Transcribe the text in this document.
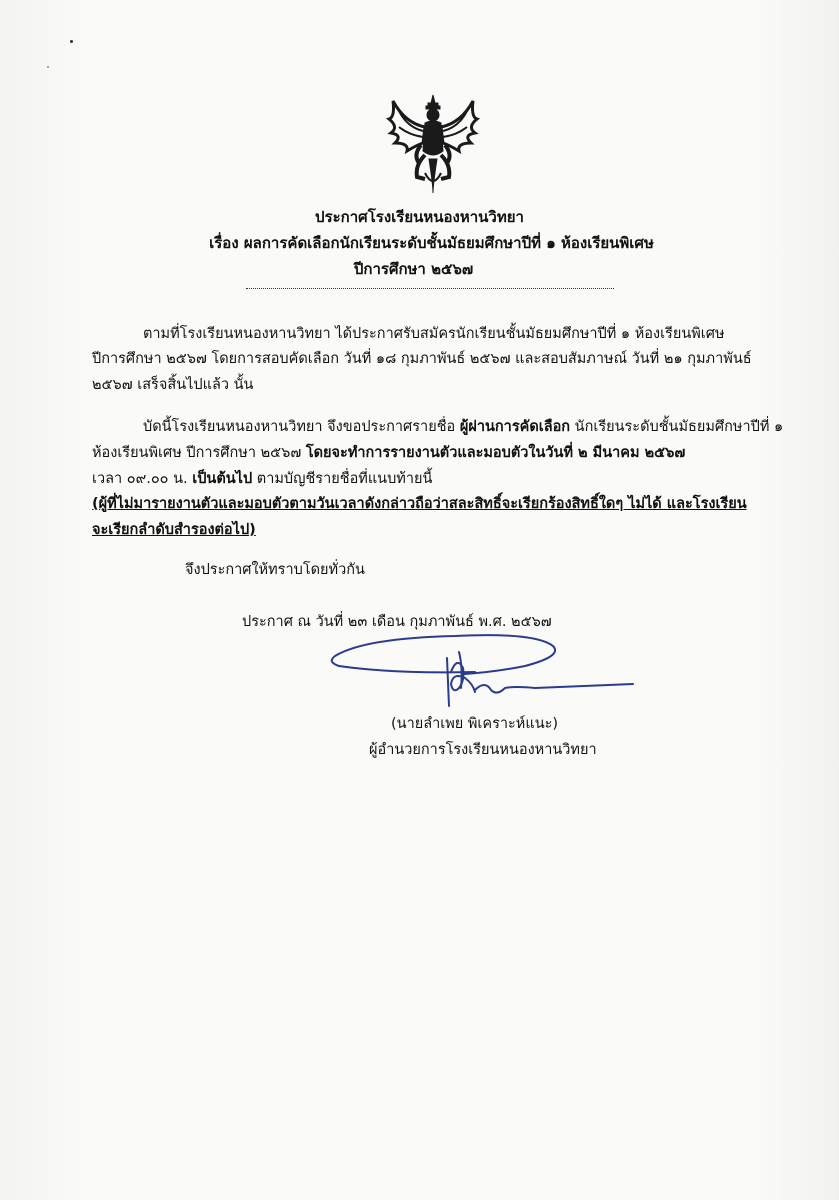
ประกาศโรงเรียนหนองหานวิทยา
เรื่อง ผลการคัดเลือกนักเรียนระดับชั้นมัธยมศึกษาปีที่ ๑ ห้องเรียนพิเศษ
ปีการศึกษา ๒๕๖๗
ตามที่โรงเรียนหนองหานวิทยา ได้ประกาศรับสมัครนักเรียนชั้นมัธยมศึกษาปีที่ ๑ ห้องเรียนพิเศษ
ปีการศึกษา ๒๕๖๗ โดยการสอบคัดเลือก วันที่ ๑๘ กุมภาพันธ์ ๒๕๖๗ และสอบสัมภาษณ์ วันที่ ๒๑ กุมภาพันธ์
๒๕๖๗ เสร็จสิ้นไปแล้ว นั้น
บัดนี้โรงเรียนหนองหานวิทยา จึงขอประกาศรายชื่อ ผู้ผ่านการคัดเลือก นักเรียนระดับชั้นมัธยมศึกษาปีที่ ๑
ห้องเรียนพิเศษ ปีการศึกษา ๒๕๖๗ โดยจะทำการรายงานตัวและมอบตัวในวันที่ ๒ มีนาคม ๒๕๖๗
เวลา ๐๙.๐๐ น. เป็นต้นไป ตามบัญชีรายชื่อที่แนบท้ายนี้
(ผู้ที่ไม่มารายงานตัวและมอบตัวตามวันเวลาดังกล่าวถือว่าสละสิทธิ์จะเรียกร้องสิทธิ์ใดๆ ไม่ได้ และโรงเรียน
จะเรียกลำดับสำรองต่อไป)
จึงประกาศให้ทราบโดยทั่วกัน
ประกาศ ณ วันที่ ๒๓ เดือน กุมภาพันธ์ พ.ศ. ๒๕๖๗
(นายลำเพย พิเคราะห์แนะ)
ผู้อำนวยการโรงเรียนหนองหานวิทยา
